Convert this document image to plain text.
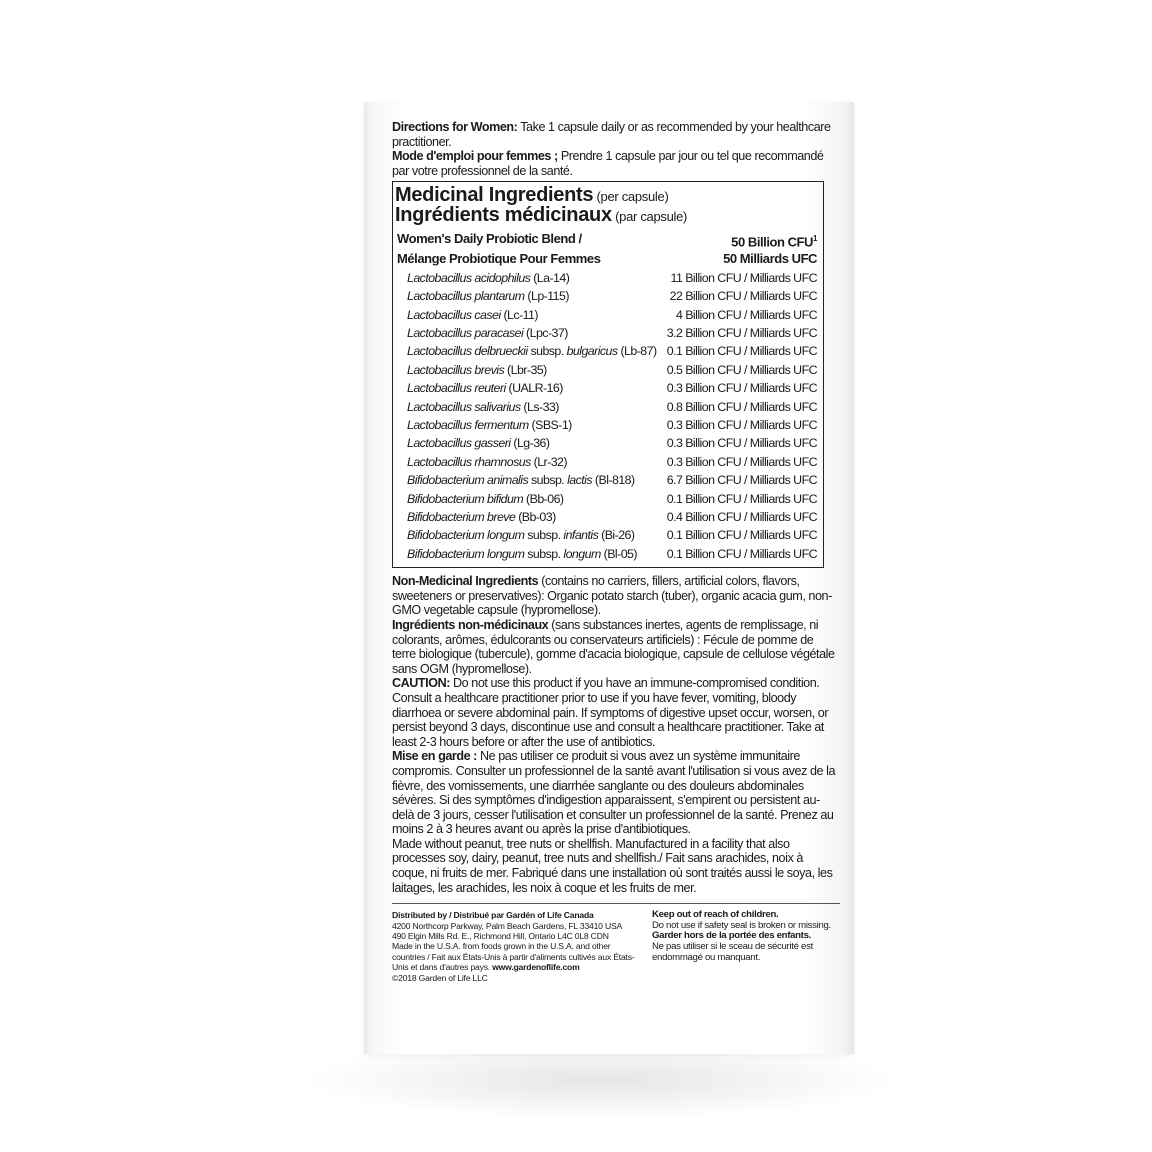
Directions for Women: Take 1 capsule daily or as recommended by your healthcare practitioner.

Mode d'emploi pour femmes ; Prendre 1 capsule par jour ou tel que recommandé par votre professionnel de la santé.

Medicinal Ingredients (per capsule)
Ingrédients médicinaux (par capsule)
Women's Daily Probiotic Blend /	50 Billion CFU$^1$
Mélange Probiotique Pour Femmes	50 Milliards UFC
Lactobacillus acidophilus (La-14)	11 Billion CFU / Milliards UFC
Lactobacillus plantarum (Lp-115)	22 Billion CFU / Milliards UFC
Lactobacillus casei (Lc-11)	4 Billion CFU / Milliards UFC
Lactobacillus paracasei (Lpc-37)	3.2 Billion CFU / Milliards UFC
Lactobacillus delbrueckii subsp. bulgaricus (Lb-87) 0.1 Billion CFU / Milliards UFC
Lactobacillus brevis (Lbr-35)	0.5 Billion CFU / Milliards UFC
Lactobacillus reuteri (UALR-16)	0.3 Billion CFU / Milliards UFC
Lactobacillus salivarius (Ls-33)	0.8 Billion CFU / Milliards UFC
Lactobacillus fermentum (SBS-1)	0.3 Billion CFU / Milliards UFC
Lactobacillus gasseri (Lg-36)	0.3 Billion CFU / Milliards UFC
Lactobacillus rhamnosus (Lr-32)	0.3 Billion CFU / Milliards UFC
Bifidobacterium animalis subsp. lactis (Bl-818)	6.7 Billion CFU / Milliards UFC
Bifidobacterium bifidum (Bb-06)	0.1 Billion CFU / Milliards UFC
Bifidobacterium breve (Bb-03)	0.4 Billion CFU / Milliards UFC
Bifidobacterium longum subsp. infantis (Bi-26)	0.1 Billion CFU / Milliards UFC
Bifidobacterium longum subsp. longum (Bl-05) 0.1 Billion CFU / Milliards UFC

Non-Medicinal Ingredients (contains no carriers, fillers, artificial colors, flavors, sweeteners or preservatives): Organic potato starch (tuber), organic acacia gum, non-GMO vegetable capsule (hypromellose).

Ingrédients non-médicinaux (sans substances inertes, agents de remplissage, ni colorants, arômes, édulcorants ou conservateurs artificiels) : Fécule de pomme de terre biologique (tubercule), gomme d'acacia biologique, capsule de cellulose végétale sans OGM (hypromellose).

CAUTION: Do not use this product if you have an immune-compromised condition. Consult a healthcare practitioner prior to use if you have fever, vomiting, bloody diarrhoea or severe abdominal pain. If symptoms of digestive upset occur, worsen, or persist beyond 3 days, discontinue use and consult a healthcare practitioner. Take at least 2-3 hours before or after the use of antibiotics.

Mise en garde : Ne pas utiliser ce produit si vous avez un système immunitaire compromis. Consulter un professionnel de la santé avant l'utilisation si vous avez de la fièvre, des vomissements, une diarrhée sanglante ou des douleurs abdominales sévères. Si des symptômes d'indigestion apparaissent, s'empirent ou persistent au-delà de 3 jours, cesser l'utilisation et consulter un professionnel de la santé. Prenez au moins 2 à 3 heures avant ou après la prise d'antibiotiques.

Made without peanut, tree nuts or shellfish. Manufactured in a facility that also processes soy, dairy, peanut, tree nuts and shellfish./ Fait sans arachides, noix à coque, ni fruits de mer. Fabriqué dans une installation où sont traités aussi le soya, les laitages, les arachides, les noix à coque et les fruits de mer.

Distributed by / Distribué par Gardén of Life Canada
4200 Northcorp Parkway, Palm Beach Gardens, FL 33410 USA
490 Elgin Mills Rd. E., Richmond Hill, Ontario L4C 0L8 CDN
Made in the U.S.A. from foods grown in the U.S.A. and other countries / Fait aux États-Unis à partir d'aliments cultivés aux États-Unis et dans d'autres pays. www.gardenoflife.com
©2018 Garden of Life LLC
Keep out of reach of children.
Do not use if safety seal is broken or missing.
Garder hors de la portée des enfants.
Ne pas utiliser si le sceau de sécurité est endommagé ou manquant.
